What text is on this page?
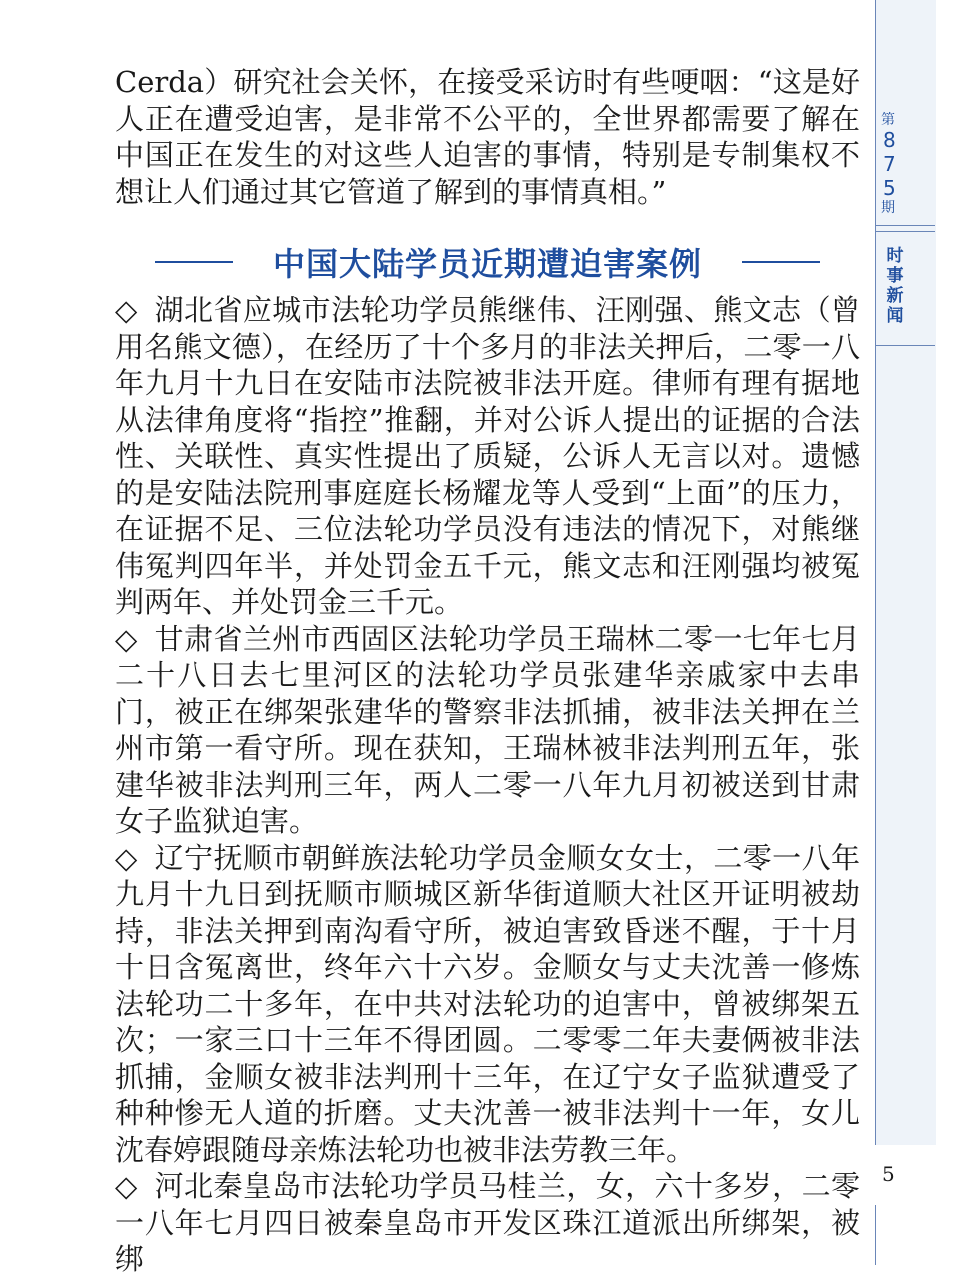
第
8
7
5
期
时
事
新
闻

Cerda）研究社会关怀，在接受采访时有些哽咽：“这是好人正在遭受迫害，是非常不公平的，全世界都需要了解在中国正在发生的对这些人迫害的事情，特别是专制集权不想让人们通过其它管道了解到的事情真相。”

中国大陆学员近期遭迫害案例

◇ 湖北省应城市法轮功学员熊继伟、汪刚强、熊文志（曾用名熊文德），在经历了十个多月的非法关押后，二零一八年九月十九日在安陆市法院被非法开庭。律师有理有据地从法律角度将“指控”推翻，并对公诉人提出的证据的合法性、关联性、真实性提出了质疑，公诉人无言以对。遗憾的是安陆法院刑事庭庭长杨耀龙等人受到“上面”的压力，在证据不足、三位法轮功学员没有违法的情况下，对熊继伟冤判四年半，并处罚金五千元，熊文志和汪刚强均被冤判两年、并处罚金三千元。

◇ 甘肃省兰州市西固区法轮功学员王瑞林二零一七年七月二十八日去七里河区的法轮功学员张建华亲戚家中去串门，被正在绑架张建华的警察非法抓捕，被非法关押在兰州市第一看守所。现在获知，王瑞林被非法判刑五年，张建华被非法判刑三年，两人二零一八年九月初被送到甘肃女子监狱迫害。

◇ 辽宁抚顺市朝鲜族法轮功学员金顺女女士，二零一八年九月十九日到抚顺市顺城区新华街道顺大社区开证明被劫持，非法关押到南沟看守所，被迫害致昏迷不醒，于十月十日含冤离世，终年六十六岁。金顺女与丈夫沈善一修炼法轮功二十多年，在中共对法轮功的迫害中，曾被绑架五次；一家三口十三年不得团圆。二零零二年夫妻俩被非法抓捕，金顺女被非法判刑十三年，在辽宁女子监狱遭受了种种惨无人道的折磨。丈夫沈善一被非法判十一年，女儿沈春婷跟随母亲炼法轮功也被非法劳教三年。

◇ 河北秦皇岛市法轮功学员马桂兰，女，六十多岁，二零一八年七月四日被秦皇岛市开发区珠江道派出所绑架，被绑

5
